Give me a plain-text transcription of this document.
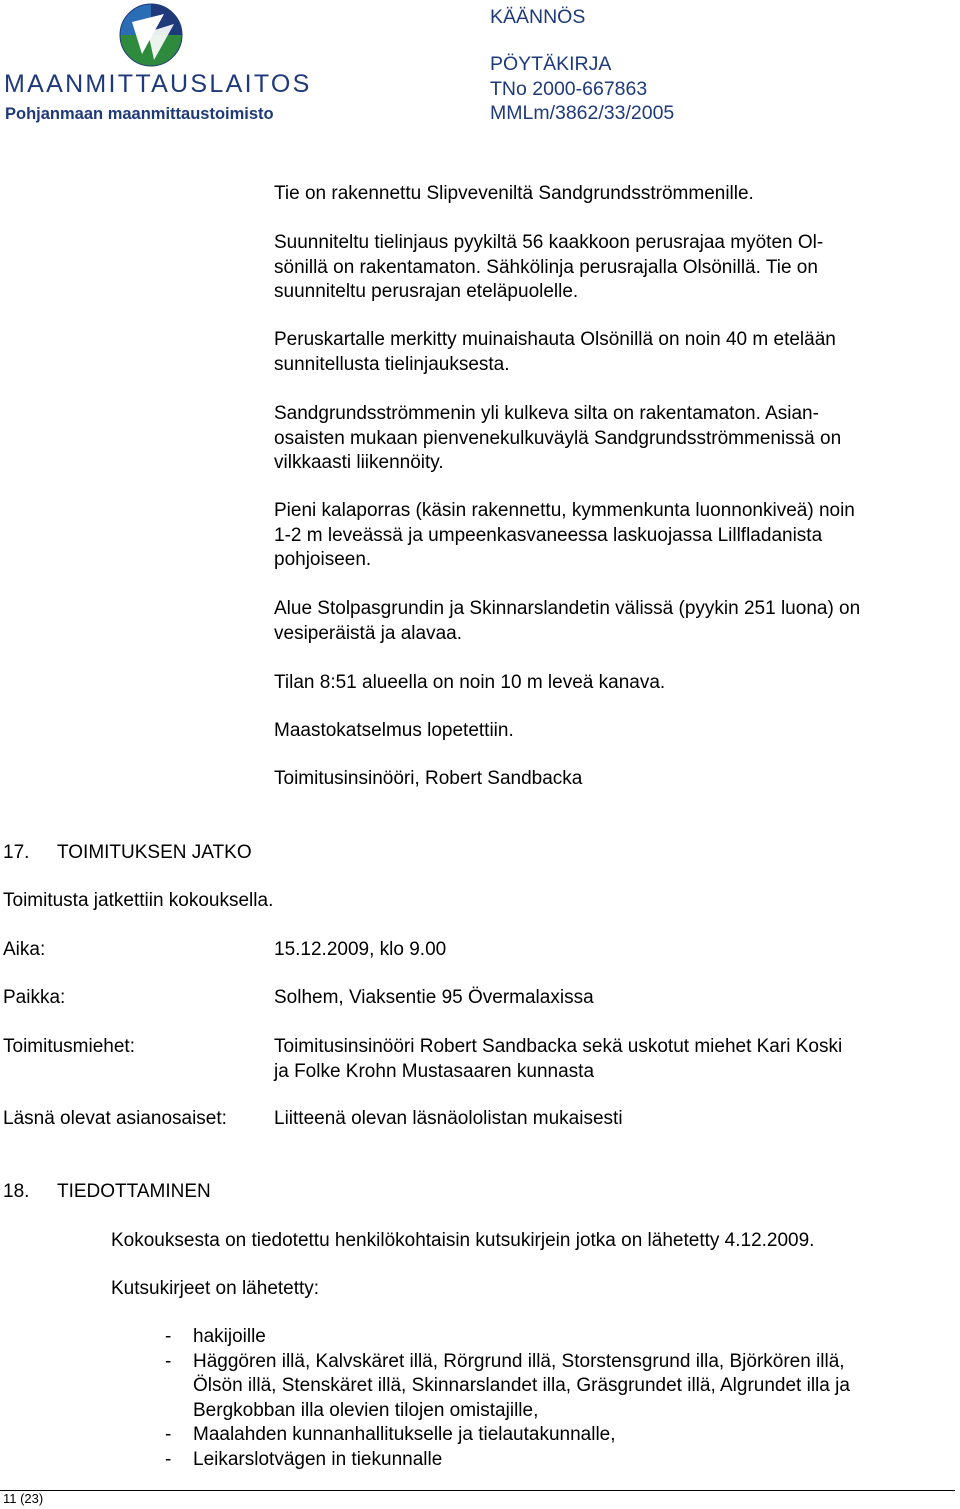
MAANMITTAUSLAITOS
Pohjanmaan maanmittaustoimisto
KÄÄNNÖS
PÖYTÄKIRJA
TNo 2000-667863
MMLm/3862/33/2005

Tie on rakennettu Slipveveniltä Sandgrundsströmmenille.

Suunniteltu tielinjaus pyykiltä 56 kaakkoon perusrajaa myöten Ol-

sönillä on rakentamaton. Sähkölinja perusrajalla Olsönillä. Tie on

suunniteltu perusrajan eteläpuolelle.

Peruskartalle merkitty muinaishauta Olsönillä on noin 40 m etelään

sunnitellusta tielinjauksesta.

Sandgrundsströmmenin yli kulkeva silta on rakentamaton. Asian-

osaisten mukaan pienvenekulkuväylä Sandgrundsströmmenissä on

vilkkaasti liikennöity.

Pieni kalaporras (käsin rakennettu, kymmenkunta luonnonkiveä) noin

1-2 m leveässä ja umpeenkasvaneessa laskuojassa Lillfladanista

pohjoiseen.

Alue Stolpasgrundin ja Skinnarslandetin välissä (pyykin 251 luona) on

vesiperäistä ja alavaa.

Tilan 8:51 alueella on noin 10 m leveä kanava.

Maastokatselmus lopetettiin.

Toimitusinsinööri, Robert Sandbacka

17. TOIMITUKSEN JATKO
Toimitusta jatkettiin kokouksella.
Aika:	15.12.2009, klo 9.00
Paikka:	Solhem, Viaksentie 95 Övermalaxissa
Toimitusmiehet:	Toimitusinsinööri Robert Sandbacka sekä uskotut miehet Kari Koski
ja Folke Krohn Mustasaaren kunnasta
Läsnä olevat asianosaiset: Liitteenä olevan läsnäololistan mukaisesti
18. TIEDOTTAMINEN
Kokouksesta on tiedotettu henkilökohtaisin kutsukirjein jotka on lähetetty 4.12.2009.
Kutsukirjeet on lähetetty:
- hakijoille
- Häggören illä, Kalvskäret illä, Rörgrund illä, Storstensgrund illa, Björkören illä,
Ölsön illä, Stenskäret illä, Skinnarslandet illa, Gräsgrundet illä, Algrundet illa ja
Bergkobban illa olevien tilojen omistajille,
- Maalahden kunnanhallitukselle ja tielautakunnalle,
- Leikarslotvägen in tiekunnalle
11 (23)
